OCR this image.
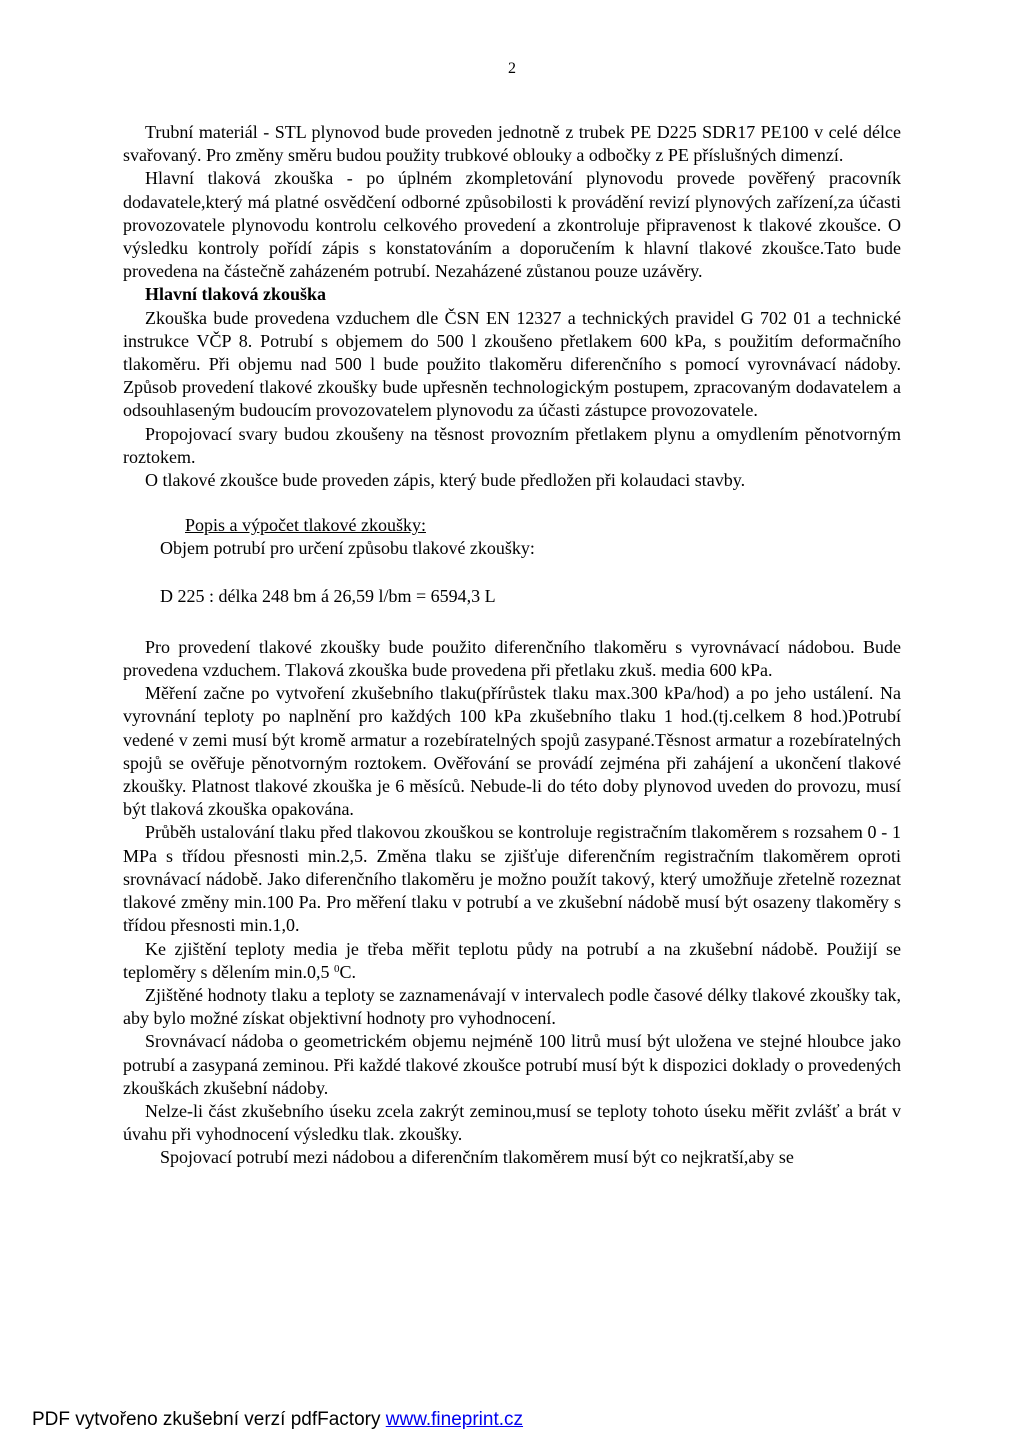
2

Trubní materiál - STL plynovod bude proveden jednotně z trubek PE D225 SDR17 PE100 v celé délce svařovaný. Pro změny směru budou použity trubkové oblouky a odbočky z PE příslušných dimenzí.

Hlavní tlaková zkouška - po úplném zkompletování plynovodu provede pověřený pracovník dodavatele,který má platné osvědčení odborné způsobilosti k provádění revizí plynových zařízení,za účasti provozovatele plynovodu kontrolu celkového provedení a zkontroluje připravenost k tlakové zkoušce. O výsledku kontroly pořídí zápis s konstatováním a doporučením k hlavní tlakové zkoušce.Tato bude provedena na částečně zaházeném potrubí. Nezaházené zůstanou pouze uzávěry.

Hlavní tlaková zkouška

Zkouška bude provedena vzduchem dle ČSN EN 12327 a technických pravidel G 702 01 a technické instrukce VČP 8. Potrubí s objemem do 500 l zkoušeno přetlakem 600 kPa, s použitím deformačního tlakoměru. Při objemu nad 500 l bude použito tlakoměru diferenčního s pomocí vyrovnávací nádoby. Způsob provedení tlakové zkoušky bude upřesněn technologickým postupem, zpracovaným dodavatelem a odsouhlaseným budoucím provozovatelem plynovodu za účasti zástupce provozovatele.

Propojovací svary budou zkoušeny na těsnost provozním přetlakem plynu a omydlením pěnotvorným roztokem.

O tlakové zkoušce bude proveden zápis, který bude předložen při kolaudaci stavby.

Popis a výpočet tlakové zkoušky:
Objem potrubí pro určení způsobu tlakové zkoušky:
D 225 : délka 248 bm á 26,59 l/bm = 6594,3 L

Pro provedení tlakové zkoušky bude použito diferenčního tlakoměru s vyrovnávací nádobou. Bude provedena vzduchem. Tlaková zkouška bude provedena při přetlaku zkuš. media 600 kPa.

Měření začne po vytvoření zkušebního tlaku(přírůstek tlaku max.300 kPa/hod) a po jeho ustálení. Na vyrovnání teploty po naplnění pro každých 100 kPa zkušebního tlaku 1 hod.(tj.celkem 8 hod.)Potrubí vedené v zemi musí být kromě armatur a rozebíratelných spojů zasypané.Těsnost armatur a rozebíratelných spojů se ověřuje pěnotvorným roztokem. Ověřování se provádí zejména při zahájení a ukončení tlakové zkoušky. Platnost tlakové zkouška je 6 měsíců. Nebude-li do této doby plynovod uveden do provozu, musí být tlaková zkouška opakována.

Průběh ustalování tlaku před tlakovou zkouškou se kontroluje registračním tlakoměrem s rozsahem 0 - 1 MPa s třídou přesnosti min.2,5. Změna tlaku se zjišťuje diferenčním registračním tlakoměrem oproti srovnávací nádobě. Jako diferenčního tlakoměru je možno použít takový, který umožňuje zřetelně rozeznat tlakové změny min.100 Pa. Pro měření tlaku v potrubí a ve zkušební nádobě musí být osazeny tlakoměry s třídou přesnosti min.1,0.

Ke zjištění teploty media je třeba měřit teplotu půdy na potrubí a na zkušební nádobě. Použijí se teploměry s dělením min.0,5 $^0$C.

Zjištěné hodnoty tlaku a teploty se zaznamenávají v intervalech podle časové délky tlakové zkoušky tak, aby bylo možné získat objektivní hodnoty pro vyhodnocení.

Srovnávací nádoba o geometrickém objemu nejméně 100 litrů musí být uložena ve stejné hloubce jako potrubí a zasypaná zeminou. Při každé tlakové zkoušce potrubí musí být k dispozici doklady o provedených zkouškách zkušební nádoby.

Nelze-li část zkušebního úseku zcela zakrýt zeminou,musí se teploty tohoto úseku měřit zvlášť a brát v úvahu při vyhodnocení výsledku tlak. zkoušky.

Spojovací potrubí mezi nádobou a diferenčním tlakoměrem musí být co nejkratší,aby se

PDF vytvořeno zkušební verzí pdfFactory www.fineprint.cz
